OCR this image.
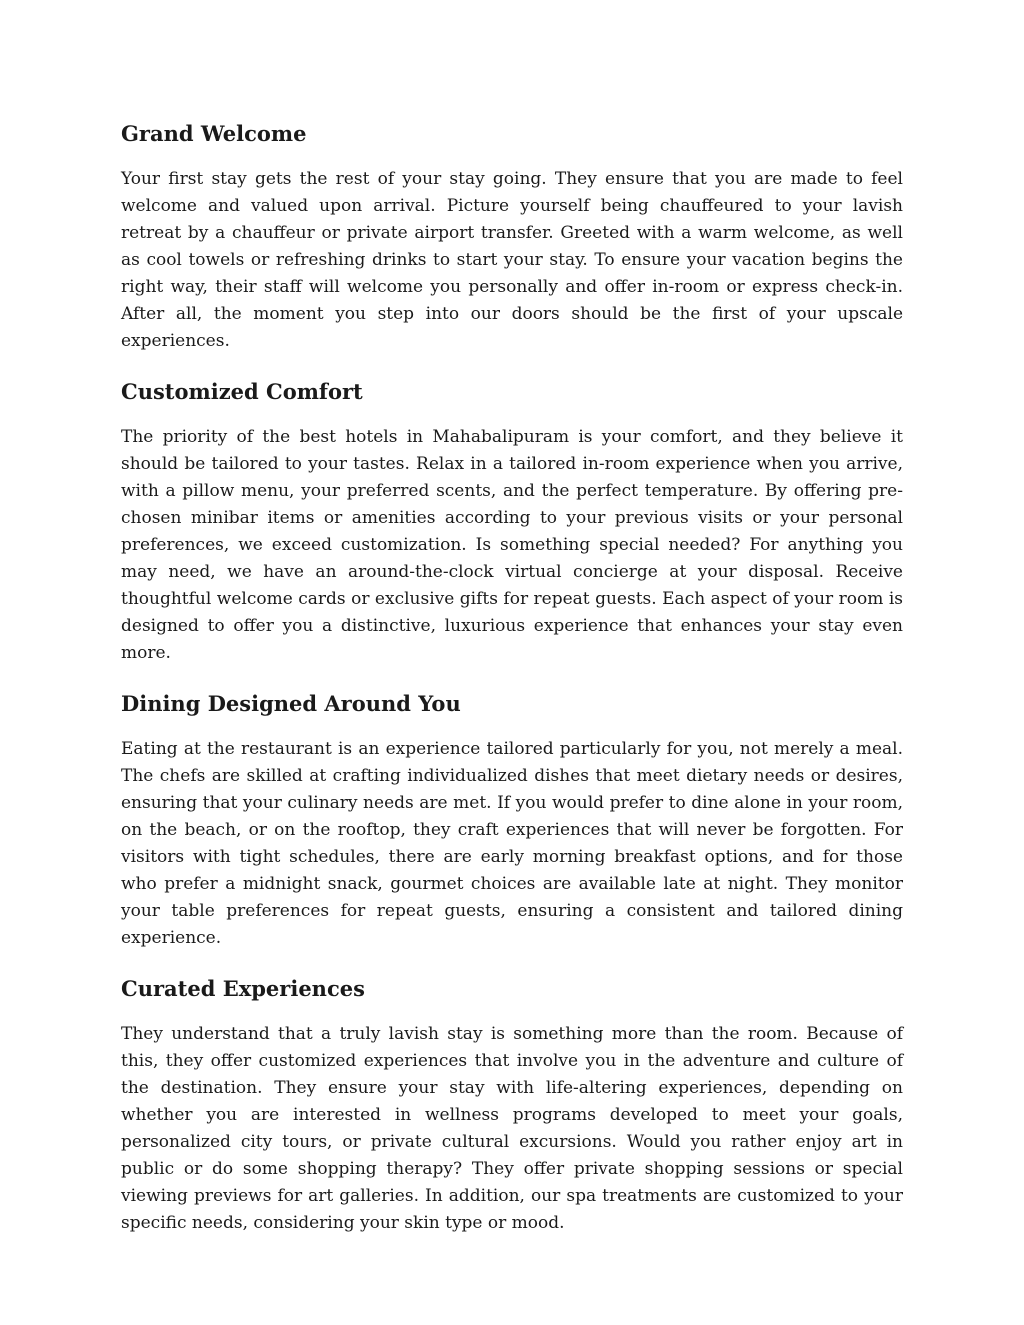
Grand Welcome

Your first stay gets the rest of your stay going. They ensure that you are made to feel welcome and valued upon arrival. Picture yourself being chauffeured to your lavish retreat by a chauffeur or private airport transfer. Greeted with a warm welcome, as well as cool towels or refreshing drinks to start your stay. To ensure your vacation begins the right way, their staff will welcome you personally and offer in-room or express check-in. After all, the moment you step into our doors should be the first of your upscale experiences.

Customized Comfort

The priority of the best hotels in Mahabalipuram is your comfort, and they believe it should be tailored to your tastes. Relax in a tailored in-room experience when you arrive, with a pillow menu, your preferred scents, and the perfect temperature. By offering pre-chosen minibar items or amenities according to your previous visits or your personal preferences, we exceed customization. Is something special needed? For anything you may need, we have an around-the-clock virtual concierge at your disposal. Receive thoughtful welcome cards or exclusive gifts for repeat guests. Each aspect of your room is designed to offer you a distinctive, luxurious experience that enhances your stay even more.

Dining Designed Around You

Eating at the restaurant is an experience tailored particularly for you, not merely a meal. The chefs are skilled at crafting individualized dishes that meet dietary needs or desires, ensuring that your culinary needs are met. If you would prefer to dine alone in your room, on the beach, or on the rooftop, they craft experiences that will never be forgotten. For visitors with tight schedules, there are early morning breakfast options, and for those who prefer a midnight snack, gourmet choices are available late at night. They monitor your table preferences for repeat guests, ensuring a consistent and tailored dining experience.

Curated Experiences

They understand that a truly lavish stay is something more than the room. Because of this, they offer customized experiences that involve you in the adventure and culture of the destination. They ensure your stay with life-altering experiences, depending on whether you are interested in wellness programs developed to meet your goals, personalized city tours, or private cultural excursions. Would you rather enjoy art in public or do some shopping therapy? They offer private shopping sessions or special viewing previews for art galleries. In addition, our spa treatments are customized to your specific needs, considering your skin type or mood.
